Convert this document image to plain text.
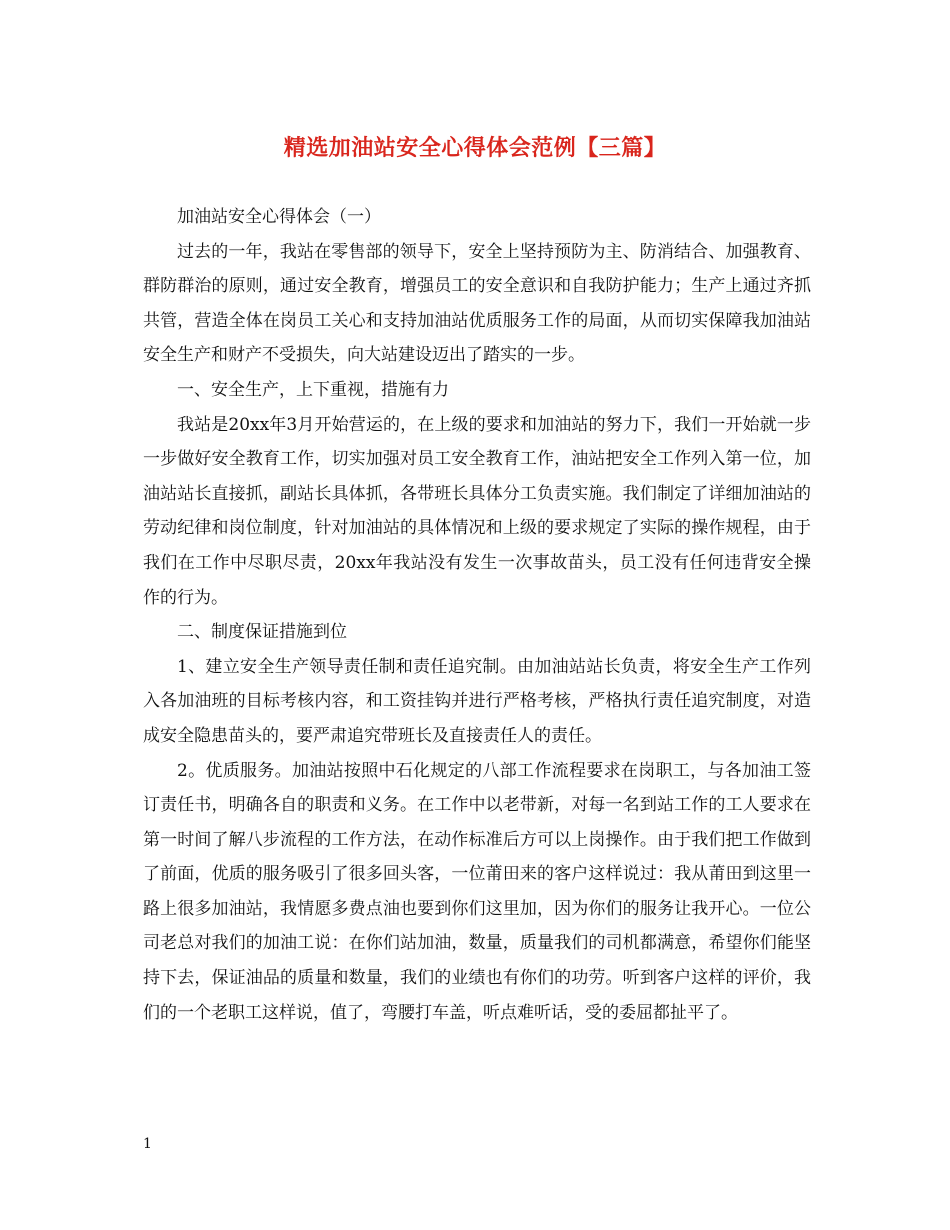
精选加油站安全心得体会范例【三篇】

加油站安全心得体会（一）

过去的一年，我站在零售部的领导下，安全上坚持预防为主、防消结合、加强教育、群防群治的原则，通过安全教育，增强员工的安全意识和自我防护能力；生产上通过齐抓共管，营造全体在岗员工关心和支持加油站优质服务工作的局面，从而切实保障我加油站安全生产和财产不受损失，向大站建设迈出了踏实的一步。

一、安全生产，上下重视，措施有力

我站是20xx年3月开始营运的，在上级的要求和加油站的努力下，我们一开始就一步一步做好安全教育工作，切实加强对员工安全教育工作，油站把安全工作列入第一位，加油站站长直接抓，副站长具体抓，各带班长具体分工负责实施。我们制定了详细加油站的劳动纪律和岗位制度，针对加油站的具体情况和上级的要求规定了实际的操作规程，由于我们在工作中尽职尽责，20xx年我站没有发生一次事故苗头，员工没有任何违背安全操作的行为。

二、制度保证措施到位

1、建立安全生产领导责任制和责任追究制。由加油站站长负责，将安全生产工作列入各加油班的目标考核内容，和工资挂钩并进行严格考核，严格执行责任追究制度，对造成安全隐患苗头的，要严肃追究带班长及直接责任人的责任。

2。优质服务。加油站按照中石化规定的八部工作流程要求在岗职工，与各加油工签订责任书，明确各自的职责和义务。在工作中以老带新，对每一名到站工作的工人要求在第一时间了解八步流程的工作方法，在动作标准后方可以上岗操作。由于我们把工作做到了前面，优质的服务吸引了很多回头客，一位莆田来的客户这样说过：我从莆田到这里一路上很多加油站，我情愿多费点油也要到你们这里加，因为你们的服务让我开心。一位公司老总对我们的加油工说：在你们站加油，数量，质量我们的司机都满意，希望你们能坚持下去，保证油品的质量和数量，我们的业绩也有你们的功劳。听到客户这样的评价，我们的一个老职工这样说，值了，弯腰打车盖，听点难听话，受的委屈都扯平了。

1
